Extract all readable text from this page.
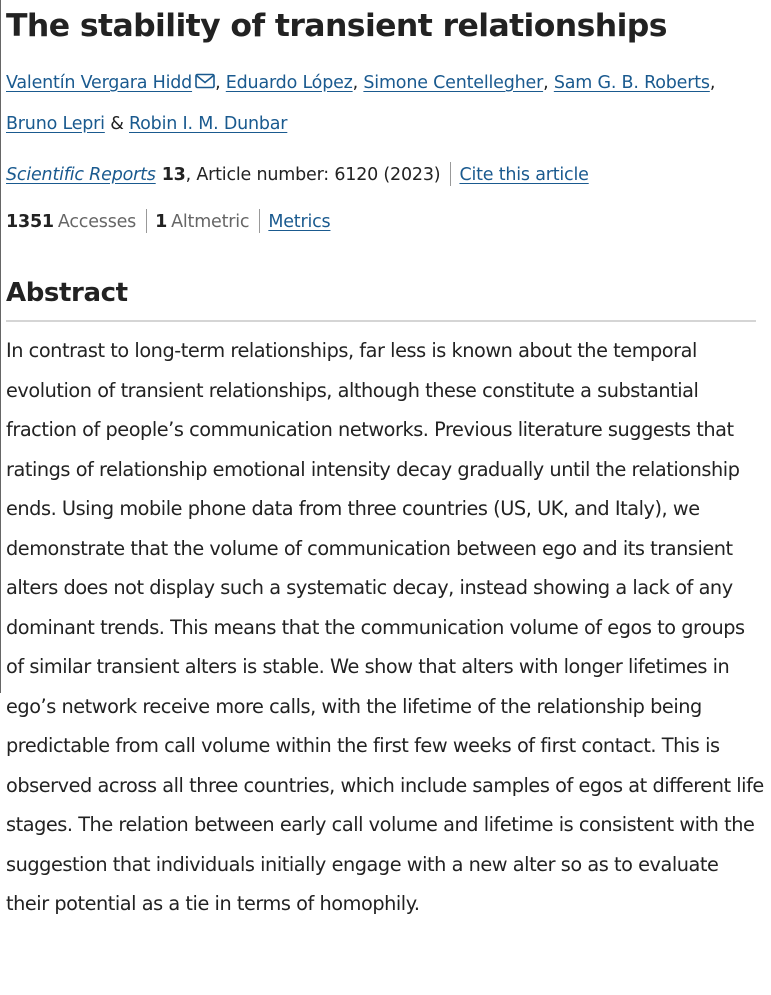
The stability of transient relationships
Valentín Vergara Hidd , Eduardo López, Simone Centellegher, Sam G. B. Roberts,
Bruno Lepri & Robin I. M. Dunbar
Scientific Reports 13, Article number: 6120 (2023) Cite this article
1351 Accesses 1 Altmetric Metrics
Abstract

In contrast to long-term relationships, far less is known about the temporal evolution of transient relationships, although these constitute a substantial fraction of people’s communication networks. Previous literature suggests that ratings of relationship emotional intensity decay gradually until the relationship ends. Using mobile phone data from three countries (US, UK, and Italy), we demonstrate that the volume of communication between ego and its transient alters does not display such a systematic decay, instead showing a lack of any dominant trends. This means that the communication volume of egos to groups of similar transient alters is stable. We show that alters with longer lifetimes in ego’s network receive more calls, with the lifetime of the relationship being predictable from call volume within the first few weeks of first contact. This is observed across all three countries, which include samples of egos at different life stages. The relation between early call volume and lifetime is consistent with the suggestion that individuals initially engage with a new alter so as to evaluate their potential as a tie in terms of homophily.
